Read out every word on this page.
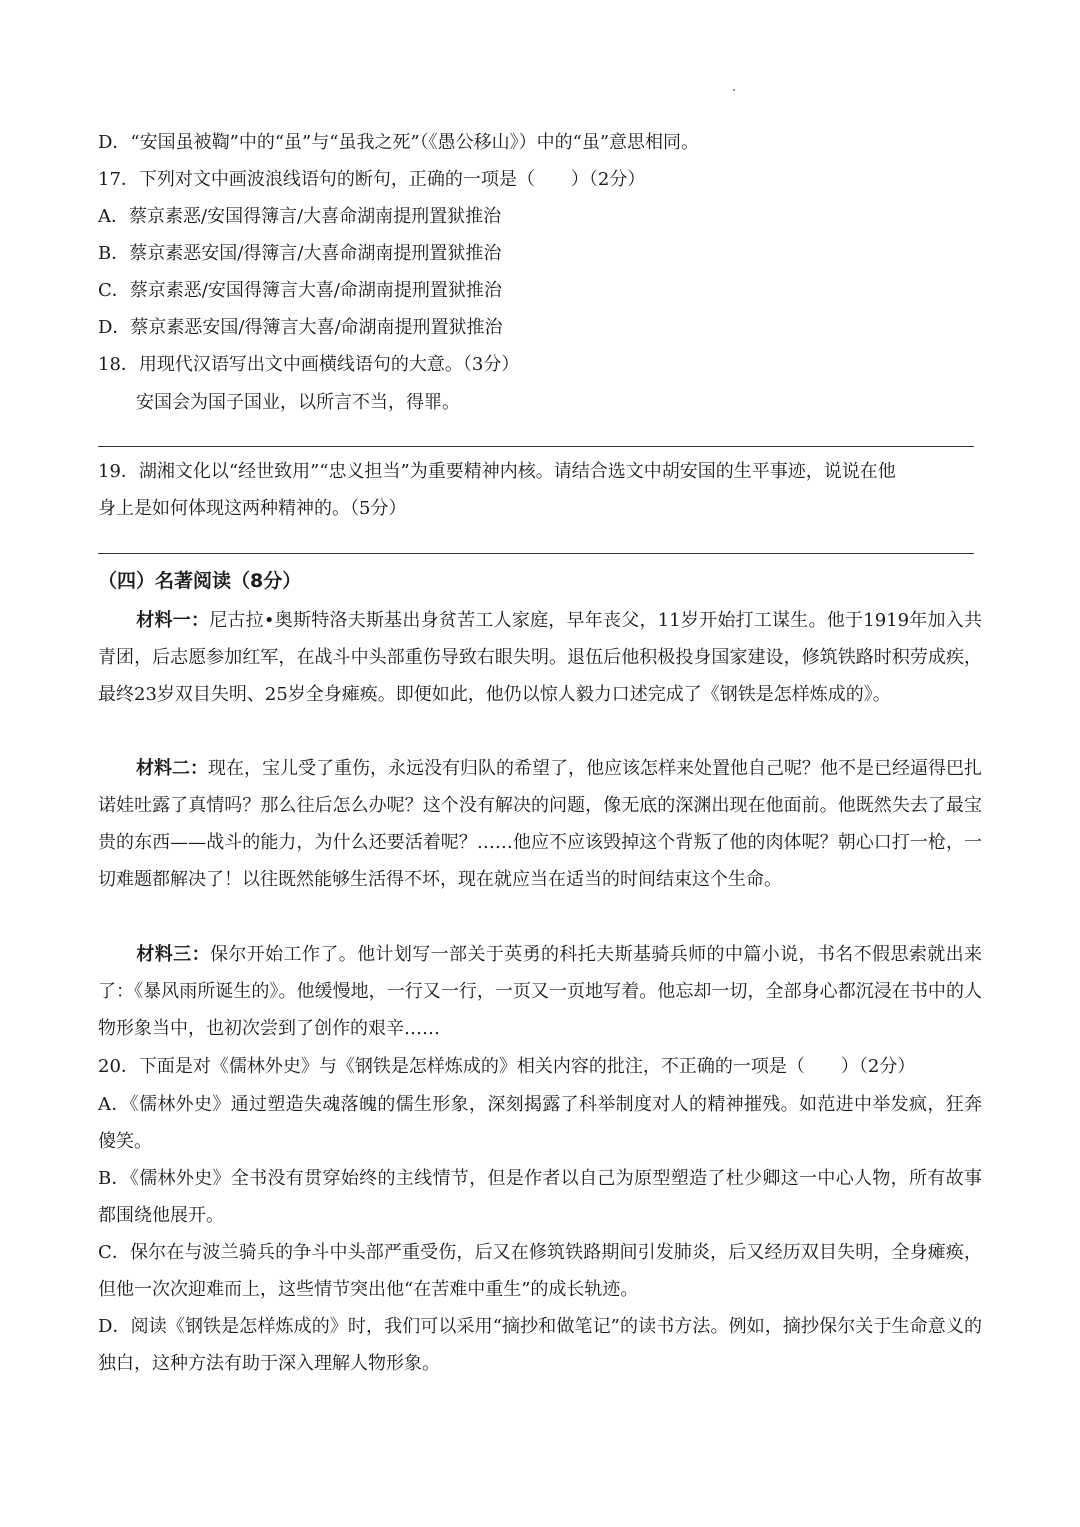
D．“安国虽被鞫”中的“虽”与“虽我之死”（《愚公移山》）中的“虽”意思相同。
17．下列对文中画波浪线语句的断句，正确的一项是（　　）（2分）
A．蔡京素恶/安国得簿言/大喜命湖南提刑置狱推治
B．蔡京素恶安国/得簿言/大喜命湖南提刑置狱推治
C．蔡京素恶/安国得簿言大喜/命湖南提刑置狱推治
D．蔡京素恶安国/得簿言大喜/命湖南提刑置狱推治
18．用现代汉语写出文中画横线语句的大意。（3分）
安国会为国子国业，以所言不当，得罪。
19．湖湘文化以“经世致用”“忠义担当”为重要精神内核。请结合选文中胡安国的生平事迹，说说在他
身上是如何体现这两种精神的。（5分）
（四）名著阅读（8分）
材料一：尼古拉•奥斯特洛夫斯基出身贫苦工人家庭，早年丧父，11岁开始打工谋生。他于1919年加入共青团，后志愿参加红军，在战斗中头部重伤导致右眼失明。退伍后他积极投身国家建设，修筑铁路时积劳成疾，最终23岁双目失明、25岁全身瘫痪。即便如此，他仍以惊人毅力口述完成了《钢铁是怎样炼成的》。
材料二：现在，宝儿受了重伤，永远没有归队的希望了，他应该怎样来处置他自己呢？他不是已经逼得巴扎诺娃吐露了真情吗？那么往后怎么办呢？这个没有解决的问题，像无底的深渊出现在他面前。他既然失去了最宝贵的东西——战斗的能力，为什么还要活着呢？……他应不应该毁掉这个背叛了他的肉体呢？朝心口打一枪，一切难题都解决了！以往既然能够生活得不坏，现在就应当在适当的时间结束这个生命。
材料三：保尔开始工作了。他计划写一部关于英勇的科托夫斯基骑兵师的中篇小说，书名不假思索就出来了：《暴风雨所诞生的》。他缓慢地，一行又一行，一页又一页地写着。他忘却一切，全部身心都沉浸在书中的人物形象当中，也初次尝到了创作的艰辛……
20．下面是对《儒林外史》与《钢铁是怎样炼成的》相关内容的批注，不正确的一项是（　　）（2分）
A．《儒林外史》通过塑造失魂落魄的儒生形象，深刻揭露了科举制度对人的精神摧残。如范进中举发疯，狂奔傻笑。
B．《儒林外史》全书没有贯穿始终的主线情节，但是作者以自己为原型塑造了杜少卿这一中心人物，所有故事都围绕他展开。
C．保尔在与波兰骑兵的争斗中头部严重受伤，后又在修筑铁路期间引发肺炎，后又经历双目失明，全身瘫痪，但他一次次迎难而上，这些情节突出他“在苦难中重生”的成长轨迹。
D．阅读《钢铁是怎样炼成的》时，我们可以采用“摘抄和做笔记”的读书方法。例如，摘抄保尔关于生命意义的独白，这种方法有助于深入理解人物形象。
